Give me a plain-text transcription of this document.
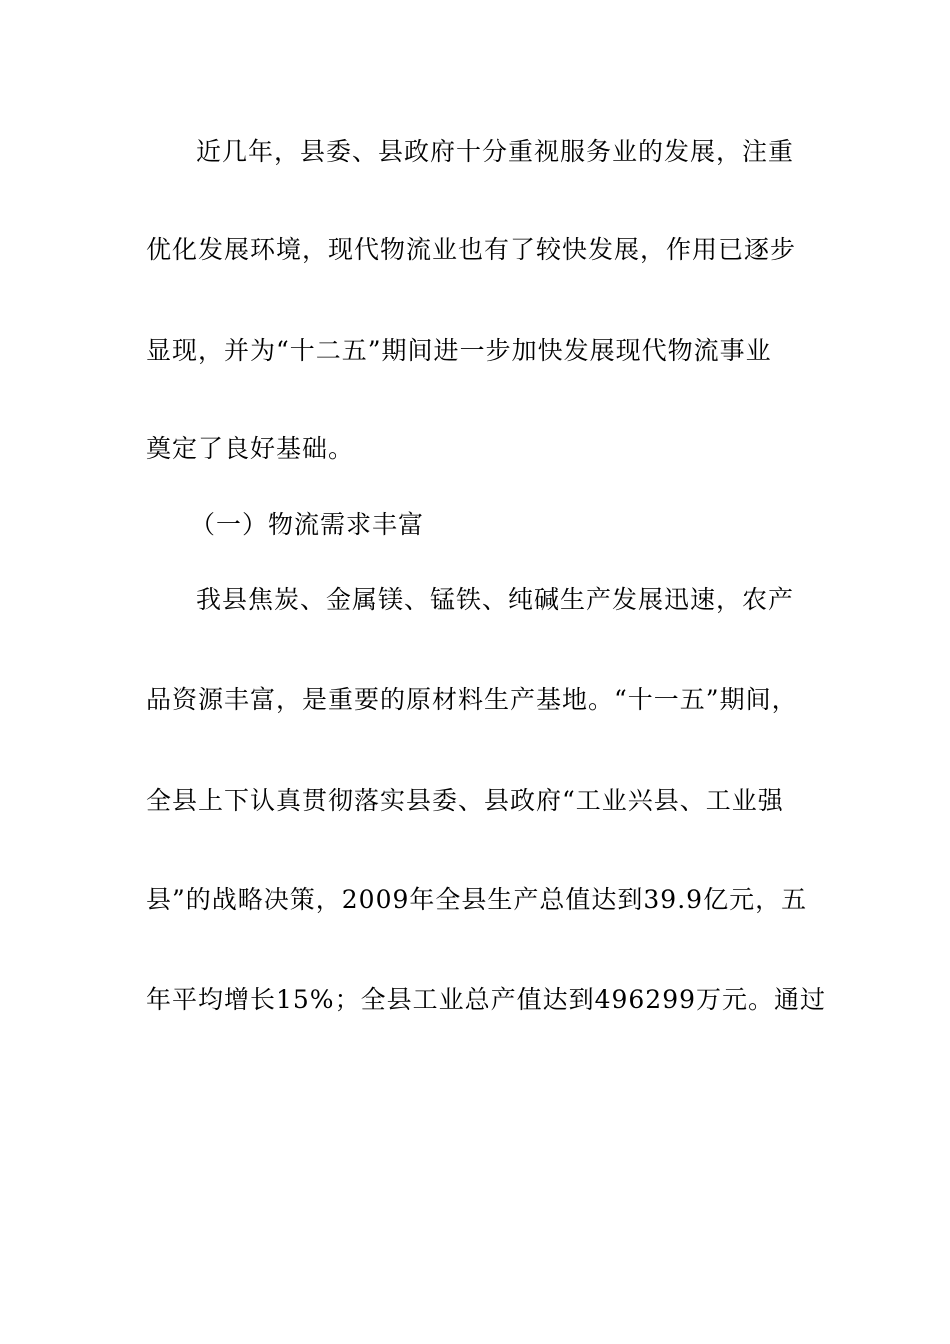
近几年，县委、县政府十分重视服务业的发展，注重
优化发展环境，现代物流业也有了较快发展，作用已逐步
显现，并为“十二五”期间进一步加快发展现代物流事业
奠定了良好基础。
（一）物流需求丰富
我县焦炭、金属镁、锰铁、纯碱生产发展迅速，农产
品资源丰富，是重要的原材料生产基地。“十一五”期间，
全县上下认真贯彻落实县委、县政府“工业兴县、工业强
县”的战略决策，2009年全县生产总值达到39.9亿元，五
年平均增长15%；全县工业总产值达到496299万元。通过
